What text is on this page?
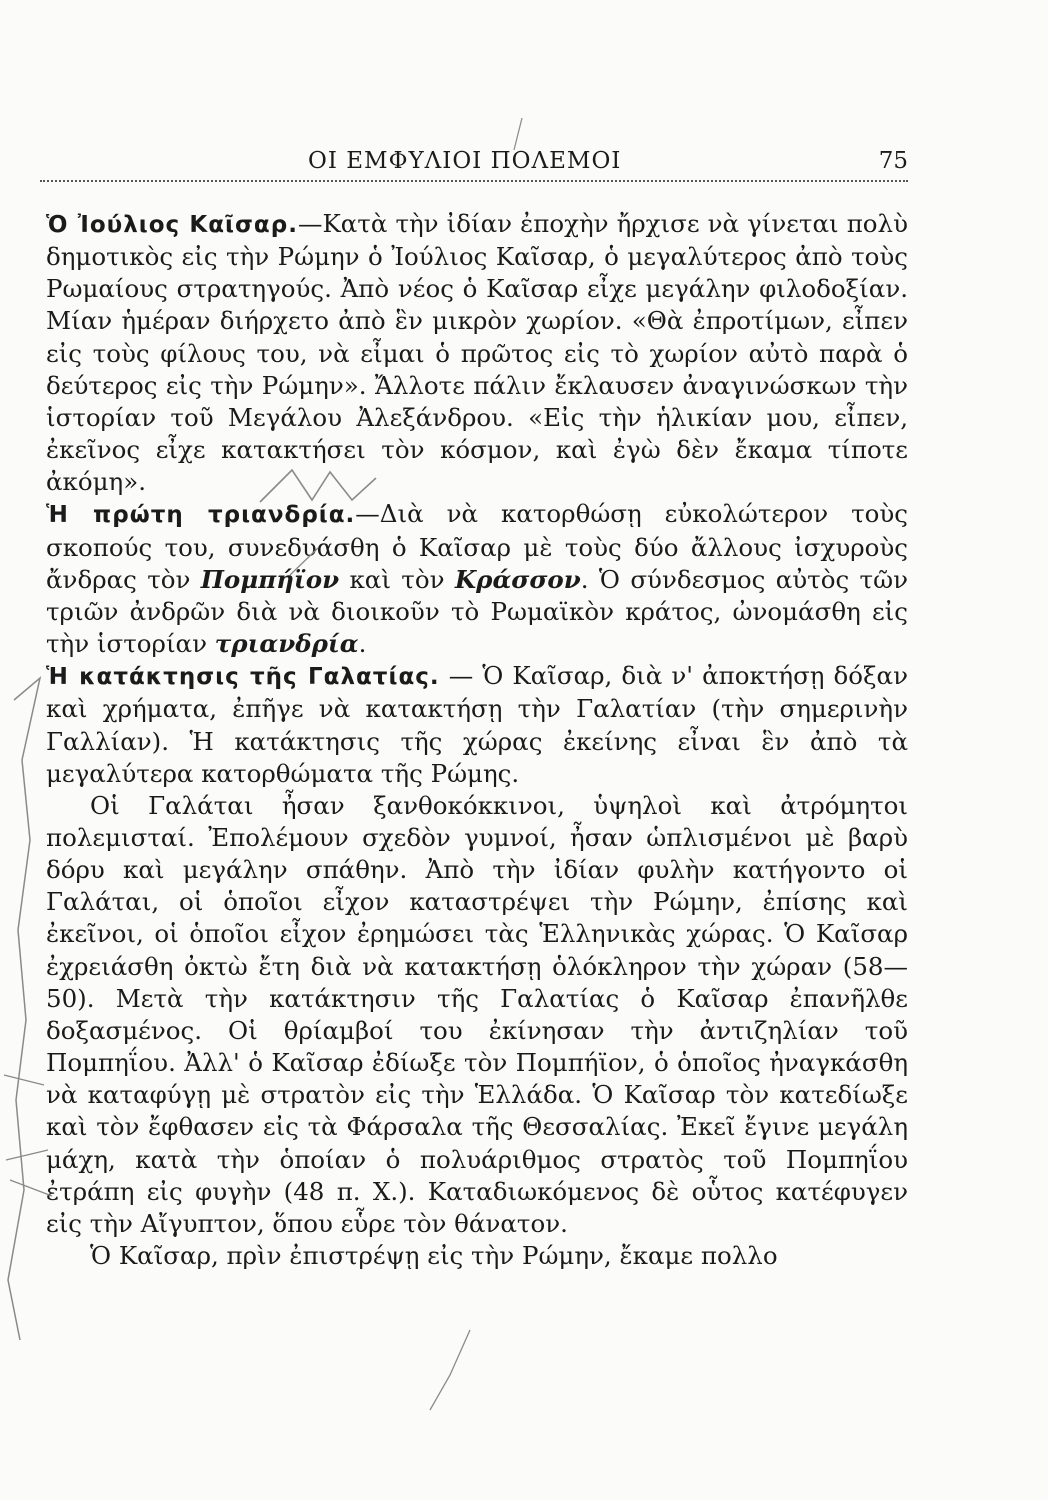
ΟΙ ΕΜΦΥΛΙΟΙ ΠΟΛΕΜΟΙ	75

Ὁ Ἰούλιος Καῖσαρ.—Κατὰ τὴν ἰδίαν ἐποχὴν ἤρχισε νὰ γίνεται πολὺ δημοτικὸς εἰς τὴν Ρώμην ὁ Ἰούλιος Καῖσαρ, ὁ μεγαλύτερος ἀπὸ τοὺς Ρωμαίους στρατηγούς. Ἀπὸ νέος ὁ Καῖσαρ εἶχε μεγάλην φιλοδοξίαν. Μίαν ἡμέραν διήρχετο ἀπὸ ἓν μικρὸν χωρίον. «Θὰ ἐπροτίμων, εἶπεν εἰς τοὺς φίλους του, νὰ εἶμαι ὁ πρῶτος εἰς τὸ χωρίον αὐτὸ παρὰ ὁ δεύτερος εἰς τὴν Ρώμην». Ἄλλοτε πάλιν ἔκλαυσεν ἀναγινώσκων τὴν ἱστορίαν τοῦ Μεγάλου Ἀλεξάνδρου. «Εἰς τὴν ἡλικίαν μου, εἶπεν, ἐκεῖνος εἶχε κατακτήσει τὸν κόσμον, καὶ ἐγὼ δὲν ἔκαμα τίποτε ἀκόμη».

Ἡ πρώτη τριανδρία.—Διὰ νὰ κατορθώσῃ εὐκολώτερον τοὺς σκοπούς του, συνεδυάσθη ὁ Καῖσαρ μὲ τοὺς δύο ἄλλους ἰσχυροὺς ἄνδρας τὸν Πομπήϊον καὶ τὸν Κράσσον. Ὁ σύνδεσμος αὐτὸς τῶν τριῶν ἀνδρῶν διὰ νὰ διοικοῦν τὸ Ρωμαϊκὸν κράτος, ὠνομάσθη εἰς τὴν ἱστορίαν τριανδρία.

Ἡ κατάκτησις τῆς Γαλατίας. — Ὁ Καῖσαρ, διὰ ν' ἀποκτήσῃ δόξαν καὶ χρήματα, ἐπῆγε νὰ κατακτήσῃ τὴν Γαλατίαν (τὴν σημερινὴν Γαλλίαν). Ἡ κατάκτησις τῆς χώρας ἐκείνης εἶναι ἓν ἀπὸ τὰ μεγαλύτερα κατορθώματα τῆς Ρώμης.

Οἱ Γαλάται ἦσαν ξανθοκόκκινοι, ὑψηλοὶ καὶ ἀτρόμητοι πολεμισταί. Ἐπολέμουν σχεδὸν γυμνοί, ἦσαν ὡπλισμένοι μὲ βαρὺ δόρυ καὶ μεγάλην σπάθην. Ἀπὸ τὴν ἰδίαν φυλὴν κατήγοντο οἱ Γαλάται, οἱ ὁποῖοι εἶχον καταστρέψει τὴν Ρώμην, ἐπίσης καὶ ἐκεῖνοι, οἱ ὁποῖοι εἶχον ἐρημώσει τὰς Ἑλληνικὰς χώρας. Ὁ Καῖσαρ ἐχρειάσθη ὀκτὼ ἔτη διὰ νὰ κατακτήσῃ ὁλόκληρον τὴν χώραν (58—50). Μετὰ τὴν κατάκτησιν τῆς Γαλατίας ὁ Καῖσαρ ἐπανῆλθε δοξασμένος. Οἱ θρίαμβοί του ἐκίνησαν τὴν ἀντιζηλίαν τοῦ Πομπηΐου. Ἀλλ' ὁ Καῖσαρ ἐδίωξε τὸν Πομπήϊον, ὁ ὁποῖος ἠναγκάσθη νὰ καταφύγῃ μὲ στρατὸν εἰς τὴν Ἑλλάδα. Ὁ Καῖσαρ τὸν κατεδίωξε καὶ τὸν ἔφθασεν εἰς τὰ Φάρσαλα τῆς Θεσσαλίας. Ἐκεῖ ἔγινε μεγάλη μάχη, κατὰ τὴν ὁποίαν ὁ πολυάριθμος στρατὸς τοῦ Πομπηΐου ἐτράπη εἰς φυγὴν (48 π. Χ.). Καταδιωκόμενος δὲ οὗτος κατέφυγεν εἰς τὴν Αἴγυπτον, ὅπου εὗρε τὸν θάνατον.

Ὁ Καῖσαρ, πρὶν ἐπιστρέψῃ εἰς τὴν Ρώμην, ἔκαμε πολλο
